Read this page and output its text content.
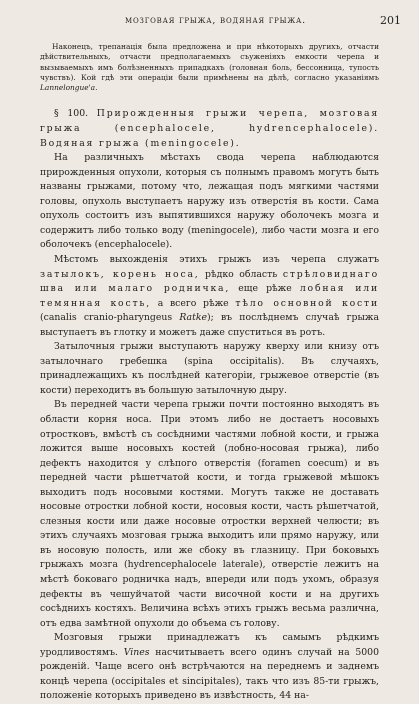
мозговая грыжа, водяная грыжа.	201

Наконецъ, трепанація была предложена и при нѣкоторыхъ другихъ, отчасти дѣйствительныхъ, отчасти предполагаемыхъ съуженіяхъ емкости черепа и вызываемыхъ имъ болѣзненныхъ припадкахъ (головная боль, бессонница, тупость чувствъ). Кой гдѣ эти операціи были примѣнены на дѣлѣ, согласно указаніямъ Lannelongue'a.

§ 100. Прирожденныя грыжи черепа, мозговая грыжа (encephalocele, hydrencephalocele). Водяная грыжа (meningocele).

На различныхъ мѣстахъ свода черепа наблюдаются прирожденныя опухоли, которыя съ полнымъ правомъ могутъ быть названы грыжами, потому что, лежащая подъ мягкими частями головы, опухоль выступаетъ наружу изъ отверстія въ кости. Сама опухоль состоитъ изъ выпятившихся наружу оболочекъ мозга и содержитъ либо только воду (meningocele), либо части мозга и его оболочекъ (encephalocele).

Мѣстомъ выхожденія этихъ грыжъ изъ черепа служатъ затылокъ, корень носа, рѣдко область стрѣловиднаго шва или малаго родничка, еще рѣже лобная или темянная кость, а всего рѣже тѣло основной кости (canalis cranio-pharyngeus Ratke); въ послѣднемъ случаѣ грыжа выступаетъ въ глотку и можетъ даже спуститься въ ротъ.

Затылочныя грыжи выступаютъ наружу кверху или книзу отъ затылочнаго гребешка (spina occipitalis). Въ случаяхъ, принадлежащихъ къ послѣдней категоріи, грыжевое отверстіе (въ кости) переходитъ въ большую затылочную дыру.

Въ передней части черепа грыжи почти постоянно выходятъ въ области корня носа. При этомъ либо не достаетъ носовыхъ отростковъ, вмѣстѣ съ сосѣдними частями лобной кости, и грыжа ложится выше носовыхъ костей (лобно-носовая грыжа), либо дефектъ находится у слѣпого отверстія (foramen coecum) и въ передней части рѣшетчатой кости, и тогда грыжевой мѣшокъ выходитъ подъ носовыми костями. Могутъ также не доставать носовые отростки лобной кости, носовыя кости, часть рѣшетчатой, слезныя кости или даже носовые отростки верхней челюсти; въ этихъ случаяхъ мозговая грыжа выходитъ или прямо наружу, или въ носовую полость, или же сбоку въ глазницу. При боковыхъ грыжахъ мозга (hydrencephalocele laterale), отверстіе лежитъ на мѣстѣ боковаго родничка надъ, впереди или подъ ухомъ, образуя дефекты въ чешуйчатой части височной кости и на другихъ сосѣднихъ костяхъ. Величина всѣхъ этихъ грыжъ весьма различна, отъ едва замѣтной опухоли до объема съ голову.

Мозговыя грыжи принадлежатъ къ самымъ рѣдкимъ уродливостямъ. Vines насчитываетъ всего одинъ случай на 5000 рожденій. Чаще всего онѣ встрѣчаются на переднемъ и заднемъ концѣ черепа (occipitales et sincipitales), такъ что изъ 85-ти грыжъ, положеніе которыхъ приведено въ извѣстность, 44 на-
